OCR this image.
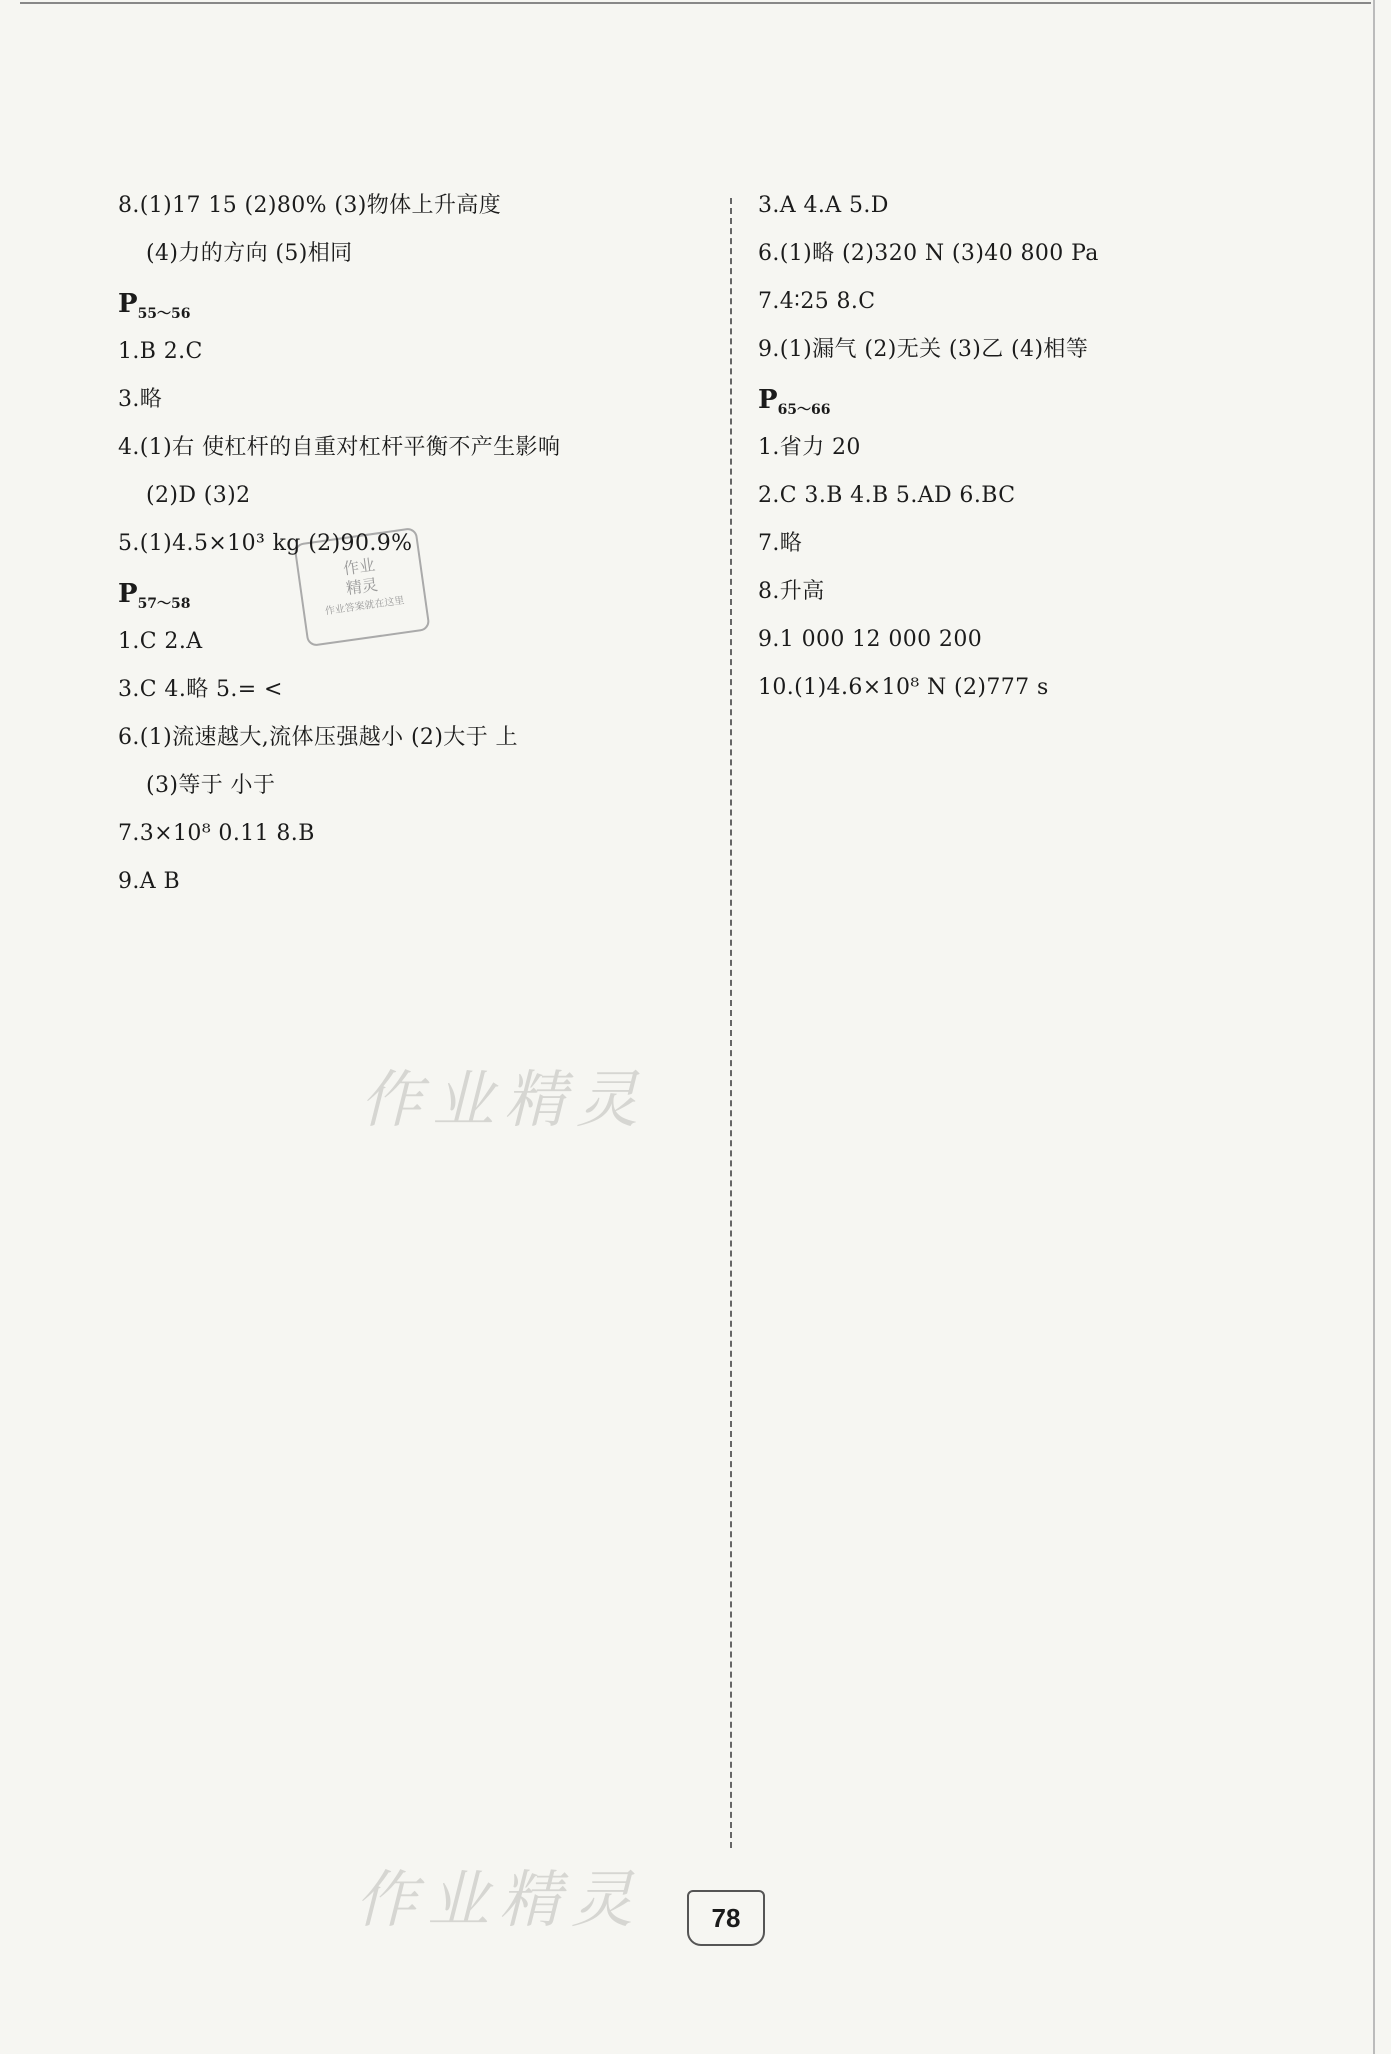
作业精灵
作业精灵
作业
精灵
作业答案就在这里
8.(1)17 15 (2)80% (3)物体上升高度
(4)力的方向 (5)相同
$P_{55\sim 56}$
1.B 2.C
3.略
4.(1)右 使杠杆的自重对杠杆平衡不产生影响
(2)D (3)2
5.(1)4.5×10³ kg (2)90.9%
$P_{57\sim 58}$
1.C 2.A
3.C 4.略 5.= <
6.(1)流速越大,流体压强越小 (2)大于 上
(3)等于 小于
7.3×10⁸ 0.11 8.B
9.A B
3.A 4.A 5.D
6.(1)略 (2)320 N (3)40 800 Pa
7.4∶25 8.C
9.(1)漏气 (2)无关 (3)乙 (4)相等
$P_{65\sim 66}$
1.省力 20
2.C 3.B 4.B 5.AD 6.BC
7.略
8.升高
9.1 000 12 000 200
10.(1)4.6×10⁸ N (2)777 s
78
